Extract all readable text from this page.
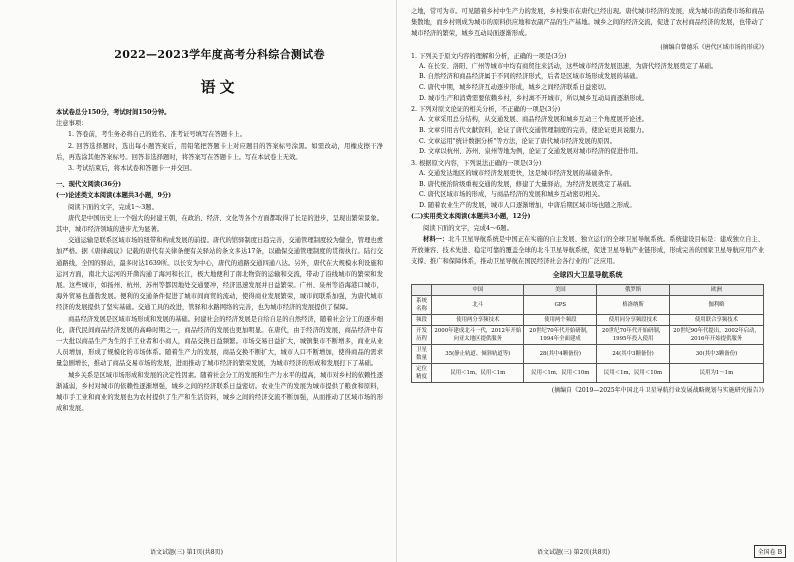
2022—2023学年度高考分科综合测试卷

语文

本试卷总分150分，考试时间150分钟。

注意事项：

1. 答卷前，考生务必将自己的姓名、准考证号填写在答题卡上。

2. 回答选择题时，选出每小题答案后，用铅笔把答题卡上对应题目的答案标号涂黑。如需改动，用橡皮擦干净后，再选涂其他答案标号。回答非选择题时，将答案写在答题卡上。写在本试卷上无效。

3. 考试结束后，将本试卷和答题卡一并交回。

一、现代文阅读(36分)

(一)论述类文本阅读(本题共3小题，9分)

阅读下面的文字，完成1～3题。

唐代是中国历史上一个强大的封建王朝，在政治、经济、文化等各个方面都取得了长足的进步，呈现出繁荣景象。其中，城市经济领域的进步尤为显著。

交通运输是联系区域市场的纽带和构成发展的前提。唐代的馆驿制度日趋完善，交通管理制度较为健全，管理也愈加严格。据《唐律疏议》记载的唐代有关律条便有关驿站的条文多达17条，以确保交通管理制度的贯彻执行。陆行交通路线，全国的驿站，最多时达1639所。以长安为中心，唐代的道路交通四通八达。另外，唐代在大规模水利设施和运河方面，南北大运河的开凿沟通了海河和长江，极大地便利了南北物资的运输和交流，带动了沿线城市的繁荣和发展。这些城市，如扬州、杭州、苏州等都因地处交通要冲，经济迅速发展并日益繁荣。广州、泉州等沿海港口城市，海外贸易也蓬勃发展。便利的交通条件促进了城市间商贸的流动，使得商业发展繁荣，城市间联系加强，为唐代城市经济的发展提供了坚实基础。交通工具的改进，管驿和水路网络的完善，也为城市经济的发展提供了保障。

商品经济发展是区域市场形成和发展的基础。封建社会的经济发展是自给自足的自然经济，随着社会分工的逐步细化，唐代民间商品经济发展的高峰时期之一，商品经济的发展也更加明显。在唐代，由于经济的发展，商品经济中有一大批以商品生产为生的手工业者和小商人，商品交换日益频繁。市场交易日益扩大，城镇集市不断增多，商业从业人员增加，形成了规模化的市场体系。随着生产力的发展，商品交换不断扩大，城市人口不断增加，使得商品的需求量急剧增长，推动了商品交易市场的发展，进而推动了城市经济的繁荣发展，为城市经济的形成和发展打下了基础。

城乡关系是区域市场形成和发展的决定性因素。随着社会分工的发展和生产力水平的提高，城市对乡村的依赖性逐渐减弱，乡村对城市的依赖性逐渐增强，城乡之间的经济联系日益密切。农业生产的发展为城市提供了粮食和原料，城市手工业和商业的发展也为农村提供了生产和生活资料，城乡之间的经济交流不断加强，从而推动了区域市场的形成和发展。

语文试题(三) 第1页(共8页)

之地，常可为市。可见随着乡村中生产力的发展，乡村集市在唐代已经出现。唐代城市经济的发展，成为城市的消费市场和商品集散地，而乡村则成为城市的原料供应地和农副产品的生产基地。城乡之间的经济交流，促进了农村商品经济的发展，也带动了城市经济的繁荣，城乡互动局面逐渐形成。

(摘编自曾德乐《唐代区域市场的形成》)

1. 下列关于原文内容的理解和分析，正确的一项是(3分)

A. 在长安、洛阳、广州等城市中均有商贸往来活动，这些城市经济发展迅速，为唐代经济发展奠定了基础。

B. 自然经济和商品经济属于不同的经济形式，后者是区域市场形成发展的基础。

C. 唐代中期，城乡经济互动逐步形成，城乡之间经济联系日益密切。

D. 城市生产和消费需要依赖乡村，乡村离不开城市，所以城乡互动局面逐渐形成。

2. 下列对原文论证的相关分析，不正确的一项是(3分)

A. 文章采用总分结构，从交通发展、商品经济发展和城乡互动三个角度展开论述。

B. 文章引用古代文献资料，论证了唐代交通管理制度的完善，使论证更具说服力。

C. 文章运用"统计数据分析"等方法，论证了唐代城市经济发展的原因。

D. 文章以杭州、苏州、泉州等地为例，论证了交通发展对城市经济的促进作用。

3. 根据原文内容，下列说法正确的一项是(3分)

A. 交通发达地区的城市经济发展更快，这是城市经济发展的基础条件。

B. 唐代统治阶级重视交通的发展，修建了大量驿站，为经济发展奠定了基础。

C. 唐代区域市场的形成，与商品经济的发展和城乡互动密切相关。

D. 随着农业生产的发展，城市人口逐渐增加，中唐后期区域市场也随之形成。

(二)实用类文本阅读(本题共3小题，12分)

阅读下面的文字，完成4～6题。

材料一：北斗卫星导航系统是中国正在实施的自主发展、独立运行的全球卫星导航系统。系统建设目标是：建成独立自主、开放兼容、技术先进、稳定可靠的覆盖全球的北斗卫星导航系统，促进卫星导航产业链形成，形成完善的国家卫星导航应用产业支撑、推广和保障体系，推动卫星导航在国民经济社会各行业的广泛应用。

全球四大卫星导航系统
	中国	美国	俄罗斯	欧洲
系统名称	北斗	GPS	格洛纳斯	伽利略
频段	使用两分享频技术	使用两个频段	使用同分享频段技术	使用联合享频技术
开发历程	2000年建成北斗一代，2012年开始向亚太地区提供服务	20世纪70年代开始研制，1994年全面建成	20世纪70年代开始研制，1995年投入使用	20世纪90年代提出，2002年启动，2016年开始提供服务
卫星数量	35(静止轨道、倾斜轨道等)	28(其中4颗备份)	24(其中3颗备份)	30(其中3颗备份)
定位精度	民用＜1m，民用＜1m	民用＜1m，民用＜10m	民用＜1m，民用＜10m	民用为1～1m

(摘编自《2019—2025年中国北斗卫星导航行业发展战略规划与实施研究报告》)

语文试题(三) 第2页(共8页)	全国卷 B
